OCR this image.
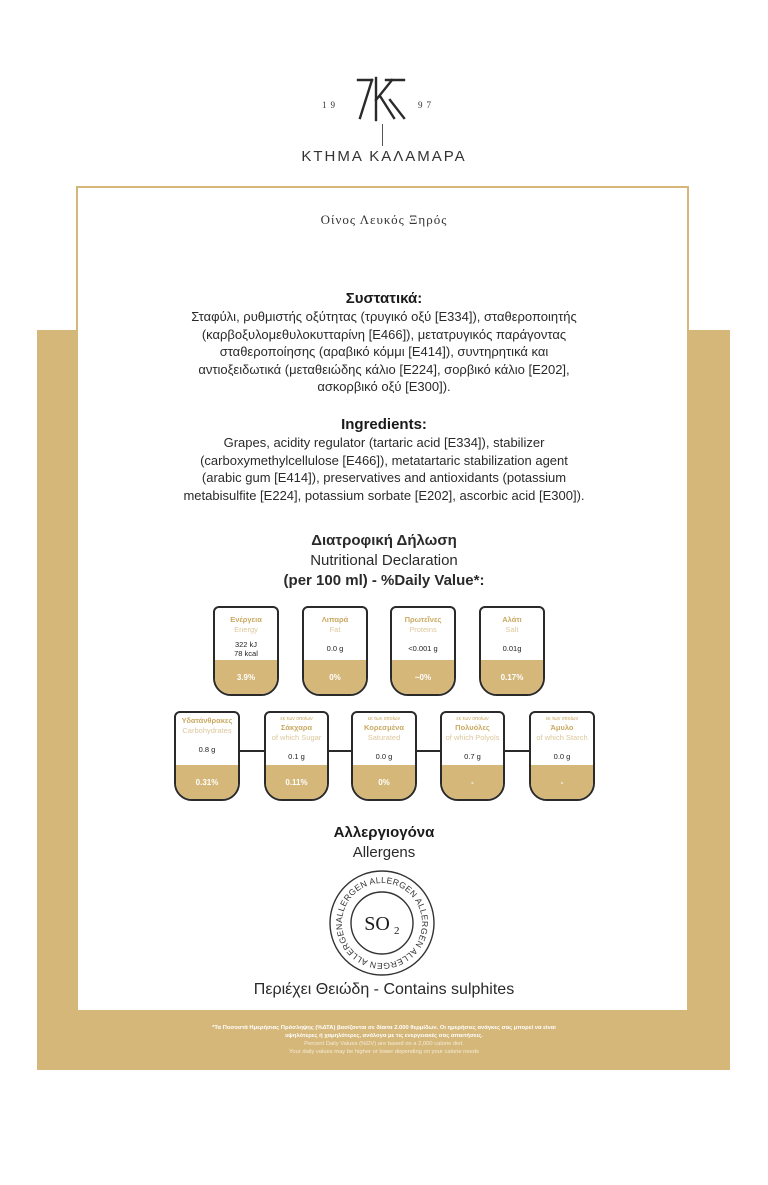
19	97
ΚΤΗΜΑ ΚΑΛΑΜΑΡΑ
Οίνος Λευκός Ξηρός
Συστατικά:
Σταφύλι, ρυθμιστής οξύτητας (τρυγικό οξύ [E334]), σταθεροποιητής
(καρβοξυλομεθυλοκυτταρίνη [E466]), μετατρυγικός παράγοντας
σταθεροποίησης (αραβικό κόμμι [E414]), συντηρητικά και
αντιοξειδωτικά (μεταθειώδης κάλιο [E224], σορβικό κάλιο [E202],
ασκορβικό οξύ [E300]).
Ingredients:
Grapes, acidity regulator (tartaric acid [E334]), stabilizer
(carboxymethylcellulose [E466]), metatartaric stabilization agent
(arabic gum [E414]), preservatives and antioxidants (potassium
metabisulfite [E224], potassium sorbate [E202], ascorbic acid [E300]).
Διατροφική Δήλωση
Nutritional Declaration
(per 100 ml) - %Daily Value*:
Ενέργεια
Energy
322 kJ
78 kcal
3.9%
Λιπαρά
Fat
0.0 g
0%
Πρωτεΐνες
Proteins
<0.001 g
~0%
Αλάτι
Salt
0.01g
0.17%
Υδατάνθρακες
Carbohydrates
0.8 g
0.31%
εκ των οποίων
Σάκχαρα
of which Sugar
0.1 g
0.11%
εκ των οποίων
Κορεσμένα
Saturated
0.0 g
0%
εκ των οποίων
Πολυόλες
of which Polyols
0.7 g
-
εκ των οποίων
Άμυλο
of which Starch
0.0 g
-
Αλλεργιογόνα
Allergens
ALLERGEN ALLERGEN ALLERGEN ALLERGEN ALLERGEN SO 2
Περιέχει Θειώδη - Contains sulphites
*Τα Ποσοστά Ημερήσιας Πρόσληψης (%ΔΤΑ) βασίζονται σε δίαιτα 2.000 θερμίδων. Οι ημερήσιες ανάγκες σας μπορεί να είναι υψηλότερες ή χαμηλότερες, ανάλογα με τις ενεργειακές σας απαιτήσεις.
Percent Daily Values (%DV) are based on a 2,000 calorie diet.
Your daily values may be higher or lower depending on your calorie needs
